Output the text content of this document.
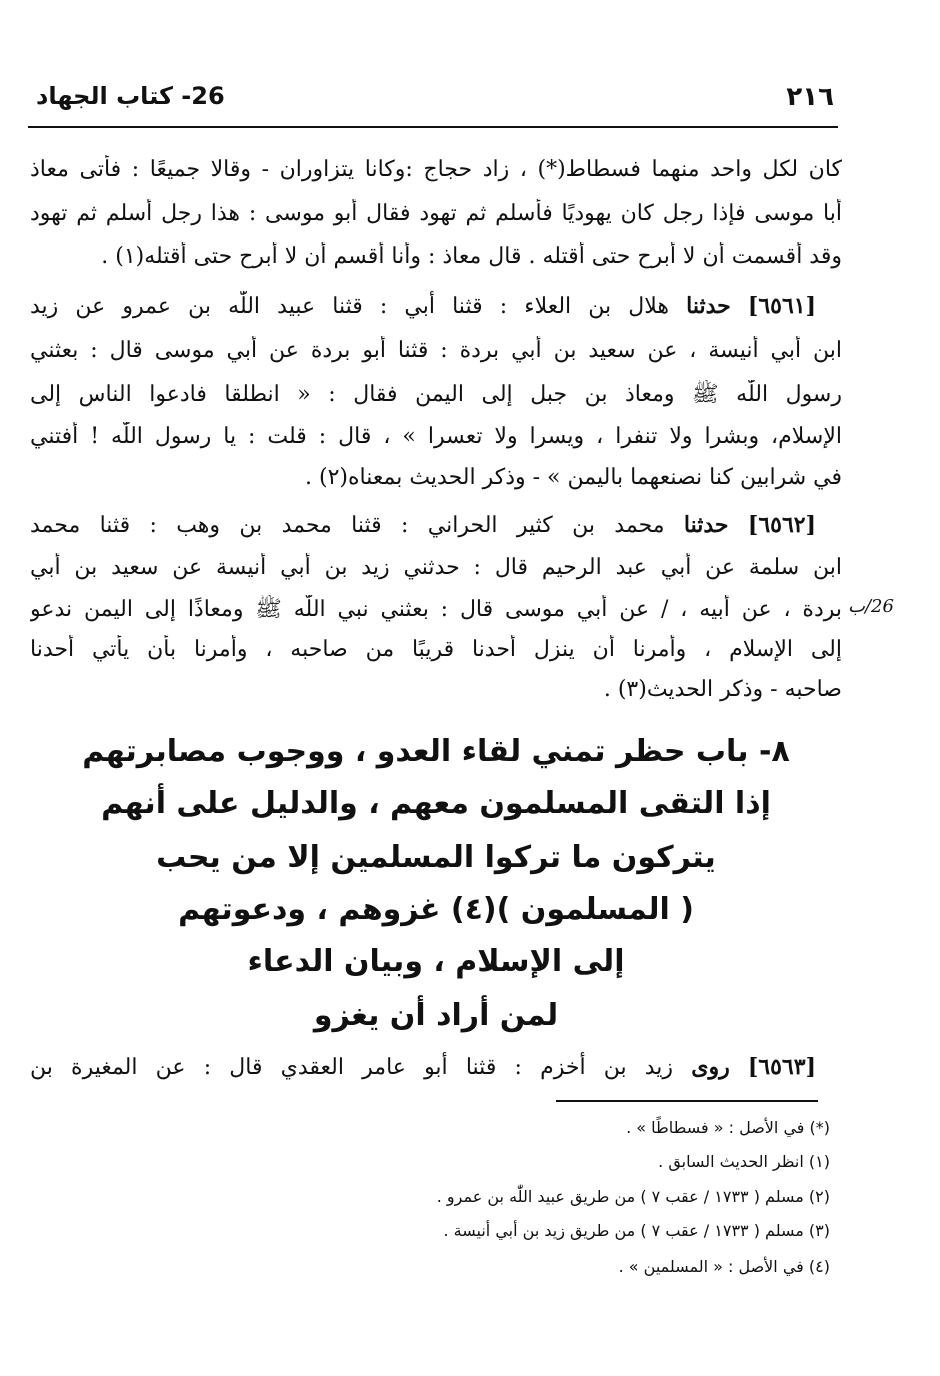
26- كتاب الجهاد	٢١٦
كان لكل واحد منهما فسطاط(*) ، زاد حجاج :وكانا يتزاوران - وقالا جميعًا : فأتى معاذ
أبا موسى فإذا رجل كان يهوديًا فأسلم ثم تهود فقال أبو موسى : هذا رجل أسلم ثم تهود
وقد أقسمت أن لا أبرح حتى أقتله . قال معاذ : وأنا أقسم أن لا أبرح حتى أقتله(١) .
[٦٥٦١] حدثنا هلال بن العلاء : قثنا أبي : قثنا عبيد اللّٰه بن عمرو عن زيد
ابن أبي أنيسة ، عن سعيد بن أبي بردة : قثنا أبو بردة عن أبي موسى قال : بعثني
رسول اللّٰه ﷺ ومعاذ بن جبل إلى اليمن فقال : « انطلقا فادعوا الناس إلى
الإسلام، وبشرا ولا تنفرا ، ويسرا ولا تعسرا » ، قال : قلت : يا رسول اللّٰه ! أفتني
في شرابين كنا نصنعهما باليمن » - وذكر الحديث بمعناه(٢) .
[٦٥٦٢] حدثنا محمد بن كثير الحراني : قثنا محمد بن وهب : قثنا محمد
ابن سلمة عن أبي عبد الرحيم قال : حدثني زيد بن أبي أنيسة عن سعيد بن أبي
بردة ، عن أبيه ، / عن أبي موسى قال : بعثني نبي اللّٰه ﷺ ومعاذًا إلى اليمن ندعو
إلى الإسلام ، وأمرنا أن ينزل أحدنا قريبًا من صاحبه ، وأمرنا بأن يأتي أحدنا
صاحبه - وذكر الحديث(٣) .
26/ب
٨- باب حظر تمني لقاء العدو ، ووجوب مصابرتهم
إذا التقى المسلمون معهم ، والدليل على أنهم
يتركون ما تركوا المسلمين إلا من يحب
( المسلمون )(٤) غزوهم ، ودعوتهم
إلى الإسلام ، وبيان الدعاء
لمن أراد أن يغزو
[٦٥٦٣] روى زيد بن أخزم : قثنا أبو عامر العقدي قال : عن المغيرة بن
(*) في الأصل : « فسطاطًا » .
(١) انظر الحديث السابق .
(٢) مسلم ( ١٧٣٣ / عقب ٧ ) من طريق عبيد اللّٰه بن عمرو .
(٣) مسلم ( ١٧٣٣ / عقب ٧ ) من طريق زيد بن أبي أنيسة .
(٤) في الأصل : « المسلمين » .
